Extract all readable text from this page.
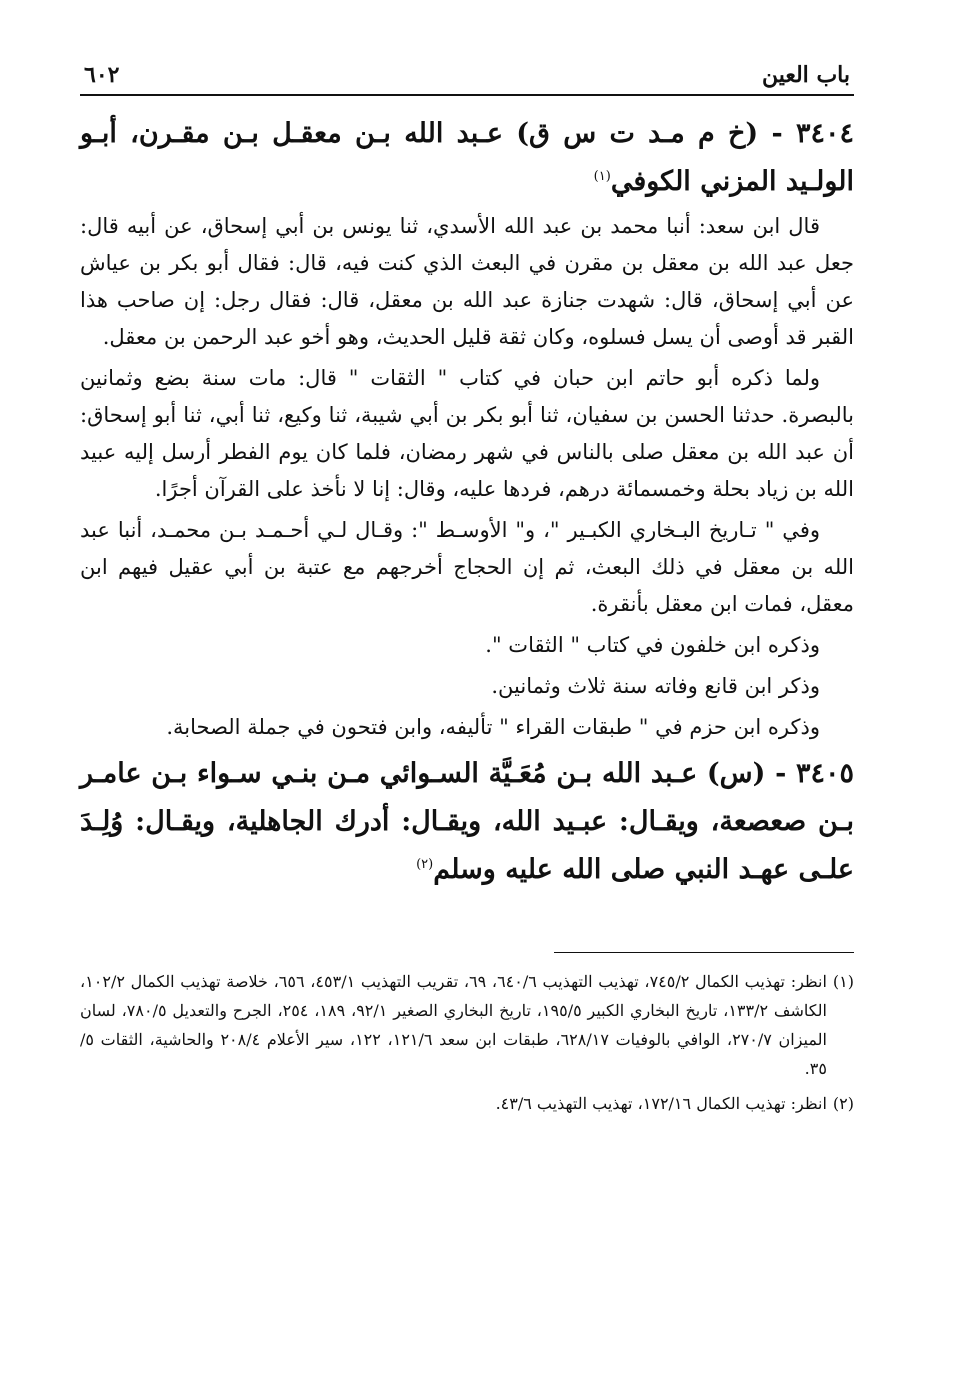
باب العين
٦٠٢
٣٤٠٤ - (خ م مـد ت س ق) عـبد الله بـن معقـل بـن مقـرن، أبـو الولـيد المزني الكوفي$^{(١)}$

قال ابن سعد: أنبا محمد بن عبد الله الأسدي، ثنا يونس بن أبي إسحاق، عن أبيه قال: جعل عبد الله بن معقل بن مقرن في البعث الذي كنت فيه، قال: فقال أبو بكر بن عياش عن أبي إسحاق، قال: شهدت جنازة عبد الله بن معقل، قال: فقال رجل: إن صاحب هذا القبر قد أوصى أن يسل فسلوه، وكان ثقة قليل الحديث، وهو أخو عبد الرحمن بن معقل.

ولما ذكره أبو حاتم ابن حبان في كتاب " الثقات " قال: مات سنة بضع وثمانين بالبصرة. حدثنا الحسن بن سفيان، ثنا أبو بكر بن أبي شيبة، ثنا وكيع، ثنا أبي، ثنا أبو إسحاق: أن عبد الله بن معقل صلى بالناس في شهر رمضان، فلما كان يوم الفطر أرسل إليه عبيد الله بن زياد بحلة وخمسمائة درهم، فردها عليه، وقال: إنا لا نأخذ على القرآن أجرًا.

وفي " تـاريخ البـخاري الكبـير "، و" الأوسـط ": وقـال لـي أحـمـد بـن محمـد، أنبا عبد الله بن معقل في ذلك البعث، ثم إن الحجاج أخرجهم مع عتبة بن أبي عقيل فيهم ابن معقل، فمات ابن معقل بأنقرة.

وذكره ابن خلفون في كتاب " الثقات ".

وذكر ابن قانع وفاته سنة ثلاث وثمانين.

وذكره ابن حزم في " طبقات القراء " تأليفه، وابن فتحون في جملة الصحابة.

٣٤٠٥ - (س) عـبد الله بـن مُعَـيَّة السـوائي مـن بنـي سـواء بـن عامـر بـن صعصعة، ويقـال: عبـيد الله، ويقـال: أدرك الجاهلية، ويقـال: وُلِـدَ علـى عهـد النبي صلى الله عليه وسلم$^{(٢)}$
(١)
انظر: تهذيب الكمال ٧٤٥/٢، تهذيب التهذيب ٦٤٠/٦، ٦٩، تقريب التهذيب ٤٥٣/١، ٦٥٦، خلاصة تهذيب الكمال ١٠٢/٢، الكاشف ١٣٣/٢، تاريخ البخاري الكبير ١٩٥/٥، تاريخ البخاري الصغير ٩٢/١، ١٨٩، ٢٥٤، الجرح والتعديل ٧٨٠/٥، لسان الميزان ٢٧٠/٧، الوافي بالوفيات ٦٢٨/١٧، طبقات ابن سعد ١٢١/٦، ١٢٢، سير الأعلام ٢٠٨/٤ والحاشية، الثقات ٥/ ٣٥.
(٢)
انظر: تهذيب الكمال ١٧٢/١٦، تهذيب التهذيب ٤٣/٦.
